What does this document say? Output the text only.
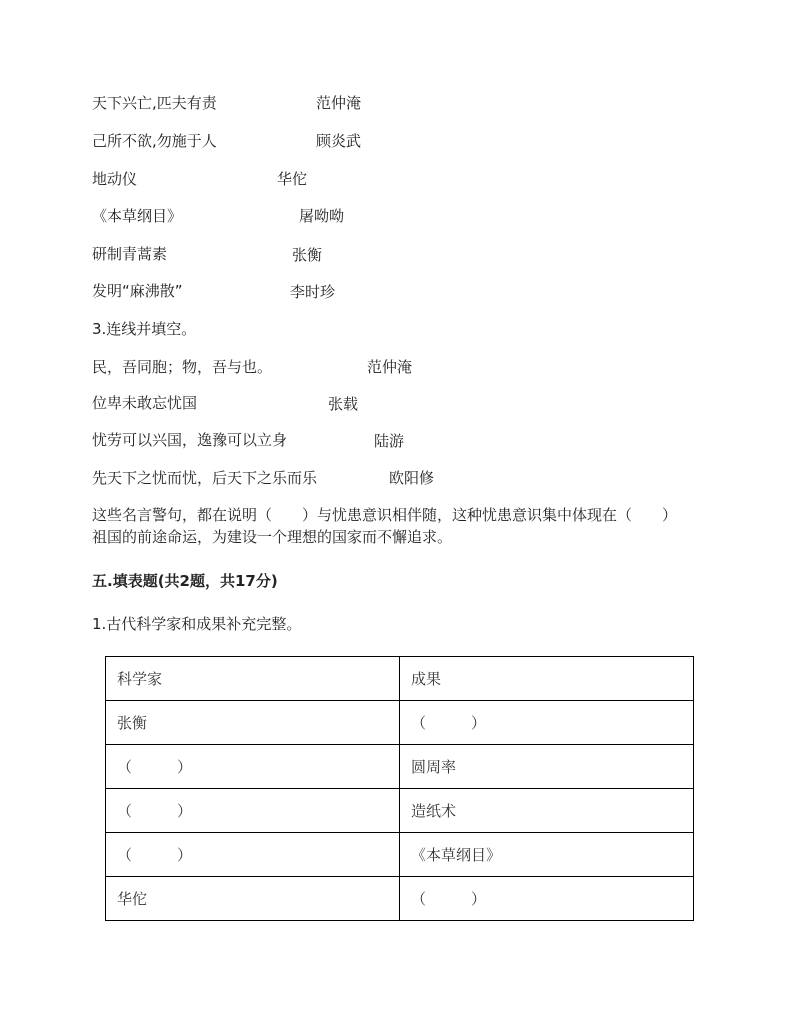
天下兴亡,匹夫有责	范仲淹
己所不欲,勿施于人	顾炎武
地动仪	华佗
《本草纲目》	屠呦呦
研制青蒿素	张衡
发明“麻沸散”	李时珍
3.连线并填空。
民，吾同胞；物，吾与也。	范仲淹
位卑未敢忘忧国	张载
忧劳可以兴国，逸豫可以立身	陆游
先天下之忧而忧，后天下之乐而乐	欧阳修
这些名言警句，都在说明（　　）与忧患意识相伴随，这种忧患意识集中体现在（　　）祖国的前途命运，为建设一个理想的国家而不懈追求。
五.填表题(共2题，共17分)
1.古代科学家和成果补充完整。
科学家	成果
张衡	（　　　）
（　　　）	圆周率
（　　　）	造纸术
（　　　）	《本草纲目》
华佗	（　　　）
